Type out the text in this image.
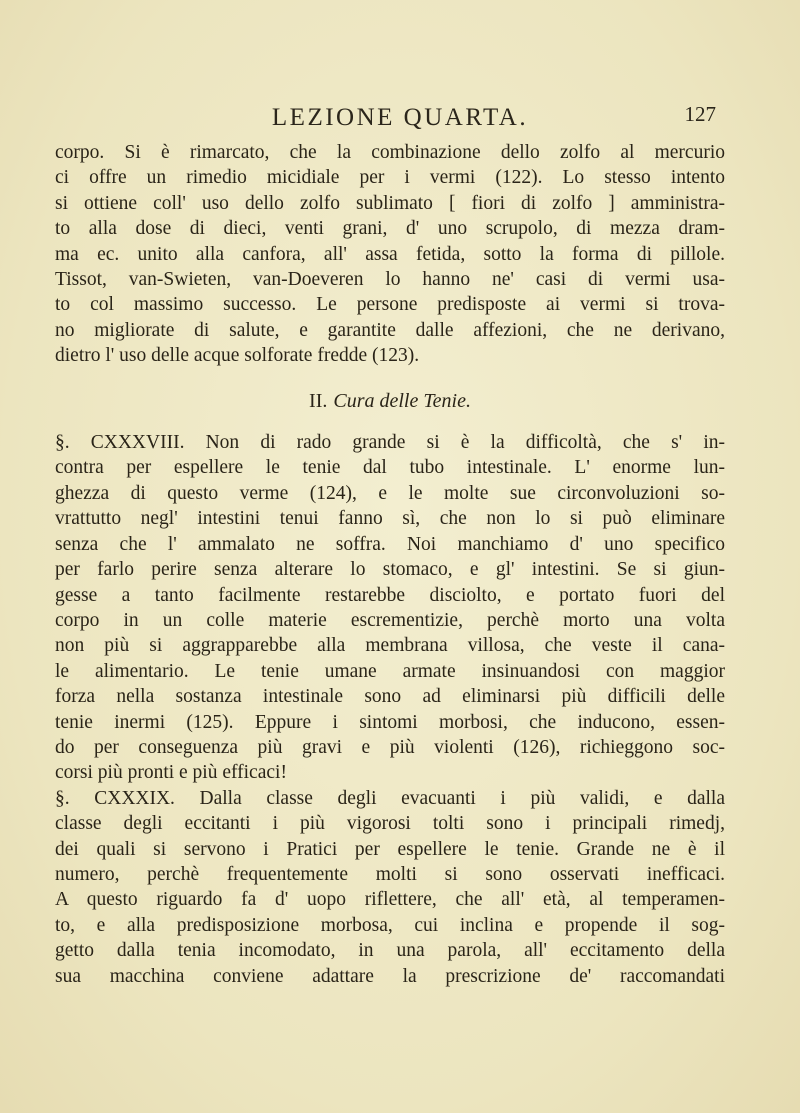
LEZIONE QUARTA.	127
corpo. Si è rimarcato, che la combinazione dello zolfo al mercurio
ci offre un rimedio micidiale per i vermi (122). Lo stesso intento
si ottiene coll' uso dello zolfo sublimato [ fiori di zolfo ] amministra-
to alla dose di dieci, venti grani, d' uno scrupolo, di mezza dram-
ma ec. unito alla canfora, all' assa fetida, sotto la forma di pillole.
Tissot, van-Swieten, van-Doeveren lo hanno ne' casi di vermi usa-
to col massimo successo. Le persone predisposte ai vermi si trova-
no migliorate di salute, e garantite dalle affezioni, che ne derivano,
dietro l' uso delle acque solforate fredde (123).
II. Cura delle Tenie.
§. CXXXVIII. Non di rado grande si è la difficoltà, che s' in-
contra per espellere le tenie dal tubo intestinale. L' enorme lun-
ghezza di questo verme (124), e le molte sue circonvoluzioni so-
vrattutto negl' intestini tenui fanno sì, che non lo si può eliminare
senza che l' ammalato ne soffra. Noi manchiamo d' uno specifico
per farlo perire senza alterare lo stomaco, e gl' intestini. Se si giun-
gesse a tanto facilmente restarebbe disciolto, e portato fuori del
corpo in un colle materie escrementizie, perchè morto una volta
non più si aggrapparebbe alla membrana villosa, che veste il cana-
le alimentario. Le tenie umane armate insinuandosi con maggior
forza nella sostanza intestinale sono ad eliminarsi più difficili delle
tenie inermi (125). Eppure i sintomi morbosi, che inducono, essen-
do per conseguenza più gravi e più violenti (126), richieggono soc-
corsi più pronti e più efficaci!
§. CXXXIX. Dalla classe degli evacuanti i più validi, e dalla
classe degli eccitanti i più vigorosi tolti sono i principali rimedj,
dei quali si servono i Pratici per espellere le tenie. Grande ne è il
numero, perchè frequentemente molti si sono osservati inefficaci.
A questo riguardo fa d' uopo riflettere, che all' età, al temperamen-
to, e alla predisposizione morbosa, cui inclina e propende il sog-
getto dalla tenia incomodato, in una parola, all' eccitamento della
sua macchina conviene adattare la prescrizione de' raccomandati
